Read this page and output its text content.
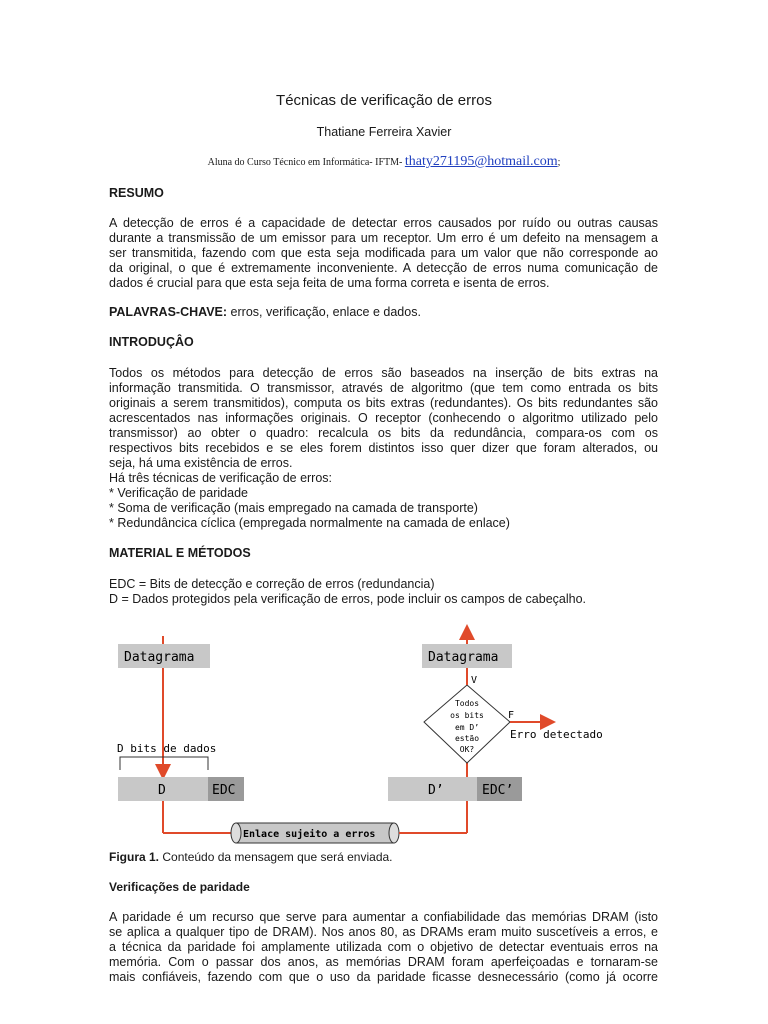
Técnicas de verificação de erros
Thatiane Ferreira Xavier
Aluna do Curso Técnico em Informática- IFTM- thaty271195@hotmail.com;
RESUMO
A detecção de erros é a capacidade de detectar erros causados por ruído ou outras causas
durante a transmissão de um emissor para um receptor. Um erro é um defeito na mensagem a
ser transmitida, fazendo com que esta seja modificada para um valor que não corresponde ao
da original, o que é extremamente inconveniente. A detecção de erros numa comunicação de
dados é crucial para que esta seja feita de uma forma correta e isenta de erros.
PALAVRAS-CHAVE: erros, verificação, enlace e dados.
INTRODUÇÂO
Todos os métodos para detecção de erros são baseados na inserção de bits extras na
informação transmitida. O transmissor, através de algoritmo (que tem como entrada os bits
originais a serem transmitidos), computa os bits extras (redundantes). Os bits redundantes são
acrescentados nas informações originais. O receptor (conhecendo o algoritmo utilizado pelo
transmissor) ao obter o quadro: recalcula os bits da redundância, compara-os com os
respectivos bits recebidos e se eles forem distintos isso quer dizer que foram alterados, ou
seja, há uma existência de erros.
Há três técnicas de verificação de erros:
* Verificação de paridade
* Soma de verificação (mais empregado na camada de transporte)
* Redundâncica cíclica (empregada normalmente na camada de enlace)
MATERIAL E MÉTODOS
EDC = Bits de detecção e correção de erros (redundancia)
D = Dados protegidos pela verificação de erros, pode incluir os campos de cabeçalho.
Datagrama
D bits de dados
D	EDC
Enlace sujeito a erros
D’	EDC’
Todos
os bits
em D’
estão
OK?
V
Datagrama
F
Erro detectado
Figura 1. Conteúdo da mensagem que será enviada.
Verificações de paridade
A paridade é um recurso que serve para aumentar a confiabilidade das memórias DRAM (isto
se aplica a qualquer tipo de DRAM). Nos anos 80, as DRAMs eram muito suscetíveis a erros, e
a técnica da paridade foi amplamente utilizada com o objetivo de detectar eventuais erros na
memória. Com o passar dos anos, as memórias DRAM foram aperfeiçoadas e tornaram-se
mais confiáveis, fazendo com que o uso da paridade ficasse desnecessário (como já ocorre
